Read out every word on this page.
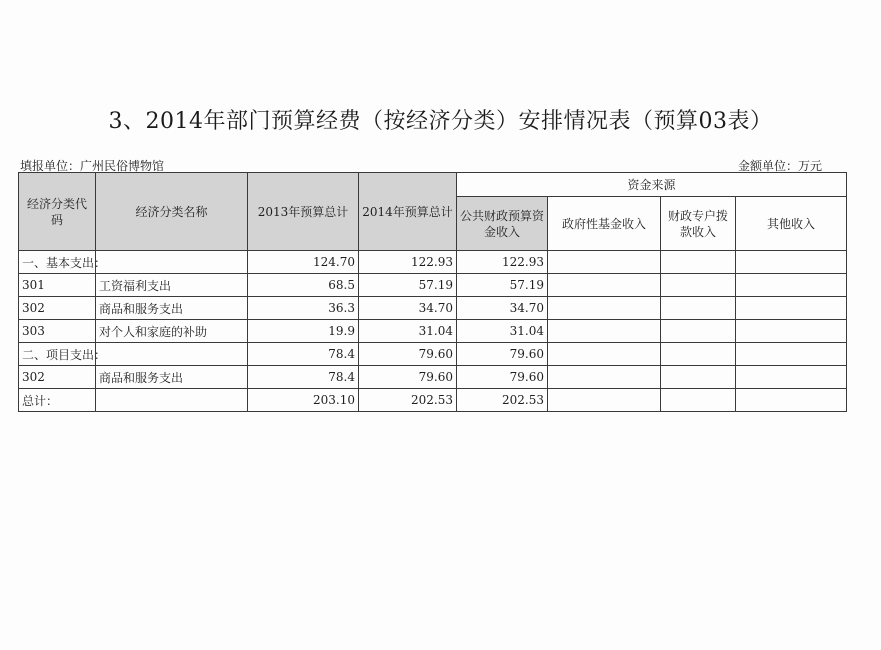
3、2014年部门预算经费（按经济分类）安排情况表（预算03表）
填报单位：广州民俗博物馆	金额单位：万元
经济分类代码	经济分类名称	2013年预算总计	2014年预算总计	资金来源			
				公共财政预算资金收入	政府性基金收入	财政专户拨款收入	其他收入
一、基本支出：		124.70	122.93	122.93			
301	工资福利支出	68.5	57.19	57.19			
302	商品和服务支出	36.3	34.70	34.70			
303	对个人和家庭的补助	19.9	31.04	31.04			
二、项目支出：		78.4	79.60	79.60			
302	商品和服务支出	78.4	79.60	79.60			
总计：		203.10	202.53	202.53			
